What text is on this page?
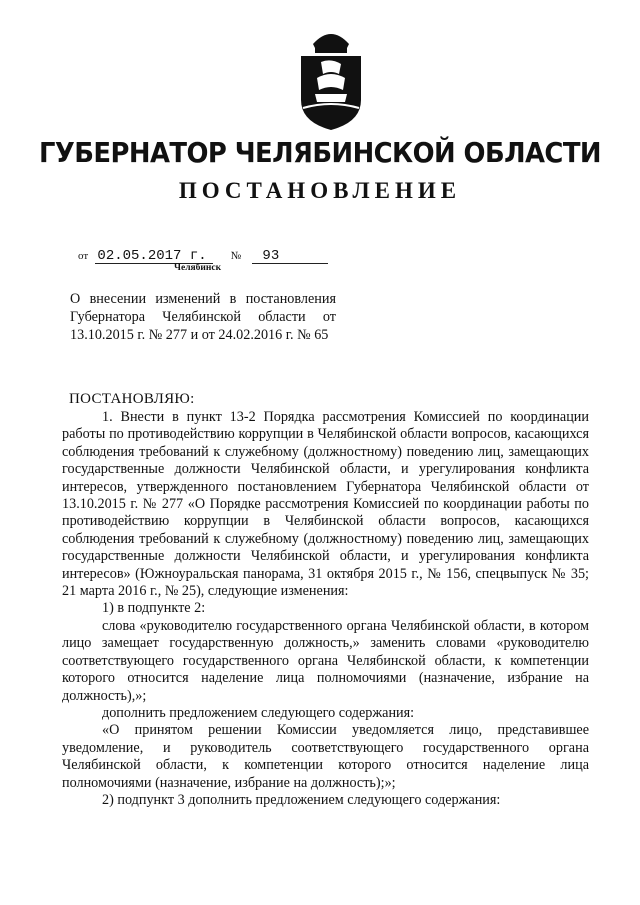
ГУБЕРНАТОР ЧЕЛЯБИНСКОЙ ОБЛАСТИ
ПОСТАНОВЛЕНИЕ
от 02.05.2017 г. № 93
Челябинск
О внесении изменений в постановления Губернатора Челябинской области от 13.10.2015 г. № 277 и от 24.02.2016 г. № 65
ПОСТАНОВЛЯЮ:

1. Внести в пункт 13-2 Порядка рассмотрения Комиссией по координации работы по противодействию коррупции в Челябинской области вопросов, касающихся соблюдения требований к служебному (должностному) поведению лиц, замещающих государственные должности Челябинской области, и урегулирования конфликта интересов, утвержденного постановлением Губернатора Челябинской области от 13.10.2015 г. № 277 «О Порядке рассмотрения Комиссией по координации работы по противодействию коррупции в Челябинской области вопросов, касающихся соблюдения требований к служебному (должностному) поведению лиц, замещающих государственные должности Челябинской области, и урегулирования конфликта интересов» (Южноуральская панорама, 31 октября 2015 г., № 156, спецвыпуск № 35; 21 марта 2016 г., № 25), следующие изменения:

1) в подпункте 2:

слова «руководителю государственного органа Челябинской области, в котором лицо замещает государственную должность,» заменить словами «руководителю соответствующего государственного органа Челябинской области, к компетенции которого относится наделение лица полномочиями (назначение, избрание на должность),»;

дополнить предложением следующего содержания:

«О принятом решении Комиссии уведомляется лицо, представившее уведомление, и руководитель соответствующего государственного органа Челябинской области, к компетенции которого относится наделение лица полномочиями (назначение, избрание на должность);»;

2) подпункт 3 дополнить предложением следующего содержания:
